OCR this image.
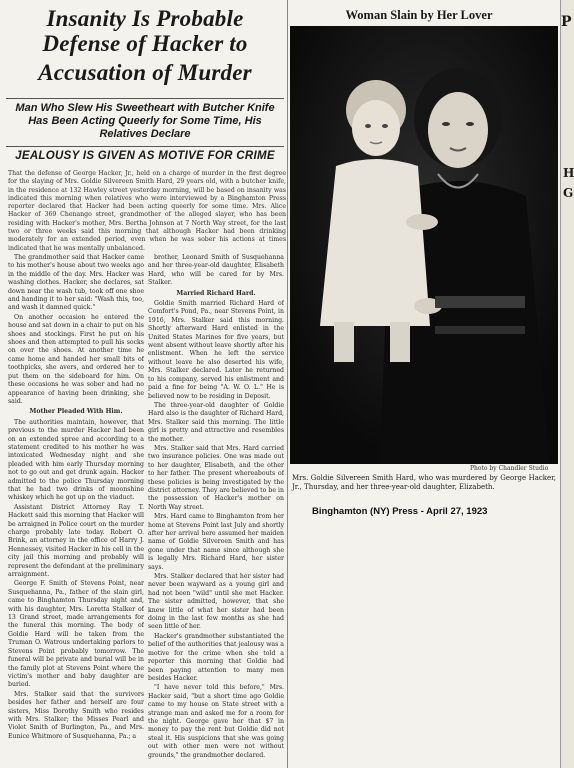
Insanity Is Probable
Defense of Hacker to
Accusation of Murder
Man Who Slew His Sweetheart with Butcher Knife Has Been Acting Queerly for Some Time, His Relatives Declare
JEALOUSY IS GIVEN AS MOTIVE FOR CRIME
That the defense of George Hacker, Jr., held on a charge of murder in the first degree for the slaying of Mrs. Goldie Silvereen Smith Hard, 29 years old, with a butcher knife, in the residence at 132 Hawley street yesterday morning, will be based on insanity was indicated this morning when relatives who were interviewed by a Binghamton Press reporter declared that Hacker had been acting queerly for some time. Mrs. Alice Hacker of 369 Chenango street, grandmother of the alleged slayer, who has been residing with Hacker's mother, Mrs. Bertha Johnson at 7 North Way street, for the last two or three weeks said this morning that although Hacker had been drinking moderately for an extended period, even when he was sober his actions at times indicated that he was mentally unbalanced.

The grandmother said that Hacker came to his mother's house about two weeks ago in the middle of the day. Mrs. Hacker was washing clothes. Hacker, she declares, sat down near the wash tub, took off one shoe and handing it to her said: "Wash this, too, and wash it damned quick."

On another occasion he entered the house and sat down in a chair to put on his shoes and stockings. First he put on his shoes and then attempted to pull his socks on over the shoes. At another time he came home and handed her small bits of toothpicks, she avers, and ordered her to put them on the sideboard for him. On these occasions he was sober and had no appearance of having been drinking, she said.

Mother Pleaded With Him.

The authorities maintain, however, that previous to the murder Hacker had been on an extended spree and according to a statement credited to his mother he was intoxicated Wednesday night and she pleaded with him early Thursday morning not to go out and get drunk again. Hacker admitted to the police Thursday morning that he had two drinks of moonshine whiskey which he got up on the viaduct.

Assistant District Attorney Ray T. Hackett said this morning that Hacker will be arraigned in Police court on the murder charge probably late today. Robert O. Brink, an attorney in the office of Harry J. Hennessey, visited Hacker in his cell in the city jail this morning and probably will represent the defendant at the preliminary arraignment.

George F. Smith of Stevens Point, near Susquehanna, Pa., father of the slain girl, came to Binghamton Thursday night and, with his daughter, Mrs. Loretta Stalker of 13 Grand street, made arrangements for the funeral this morning. The body of Goldie Hard will be taken from the Truman O. Watrous undertaking parlors to Stevens Point probably tomorrow. The funeral will be private and burial will be in the family plot at Stevens Point where the victim's mother and baby daughter are buried.

Mrs. Stalker said that the survivors besides her father and herself are four sisters, Miss Dorothy Smith who resides with Mrs. Stalker; the Misses Pearl and Violet Smith of Burlington, Pa., and Mrs. Eunice Whitmore of Susquehanna, Pa.; a

brother, Leonard Smith of Susquehanna and her three-year-old daughter, Elisabeth Hard, who will be cared for by Mrs. Stalker.

Married Richard Hard.

Goldie Smith married Richard Hard of Comfort's Pond, Pa., near Stevens Point, in 1916, Mrs. Stalker said this morning. Shortly afterward Hard enlisted in the United States Marines for five years, but went absent without leave shortly after his enlistment. When he left the service without leave he also deserted his wife, Mrs. Stalker declared. Later he returned to his company, served his enlistment and paid a fine for being "A. W. O. L." He is believed now to be residing in Deposit.

The three-year-old daughter of Goldie Hard also is the daughter of Richard Hard, Mrs. Stalker said this morning. The little girl is pretty and attractive and resembles the mother.

Mrs. Stalker said that Mrs. Hard carried two insurance policies. One was made out to her daughter, Elisabeth, and the other to her father. The present whereabouts of these policies is being investigated by the district attorney. They are believed to be in the possession of Hacker's mother on North Way street.

Mrs. Hard came to Binghamton from her home at Stevens Point last July and shortly after her arrival here assumed her maiden name of Goldie Silvereen Smith and has gone under that name since although she is legally Mrs. Richard Hard, her sister says.

Mrs. Stalker declared that her sister had never been wayward as a young girl and had not been "wild" until she met Hacker. The sister admitted, however, that she knew little of what her sister had been doing in the last few months as she had seen little of her.

Hacker's grandmother substantiated the belief of the authorities that jealousy was a motive for the crime when she told a reporter this morning that Goldie had been paying attention to many men besides Hacker.

"I have never told this before," Mrs. Hacker said, "but a short time ago Goldie came to my house on State street with a strange man and asked me for a room for the night. George gave her that $7 in money to pay the rent but Goldie did not steal it. His suspicions that she was going out with other men were not without grounds," the grandmother declared.

Woman Slain by Her Lover
Photo by Chandler Studio
Mrs. Goldie Silvereen Smith Hard, who was murdered by George Hacker, Jr., Thursday, and her three-year-old daughter, Elizabeth.
Binghamton (NY) Press - April 27, 1923
P
H
G
